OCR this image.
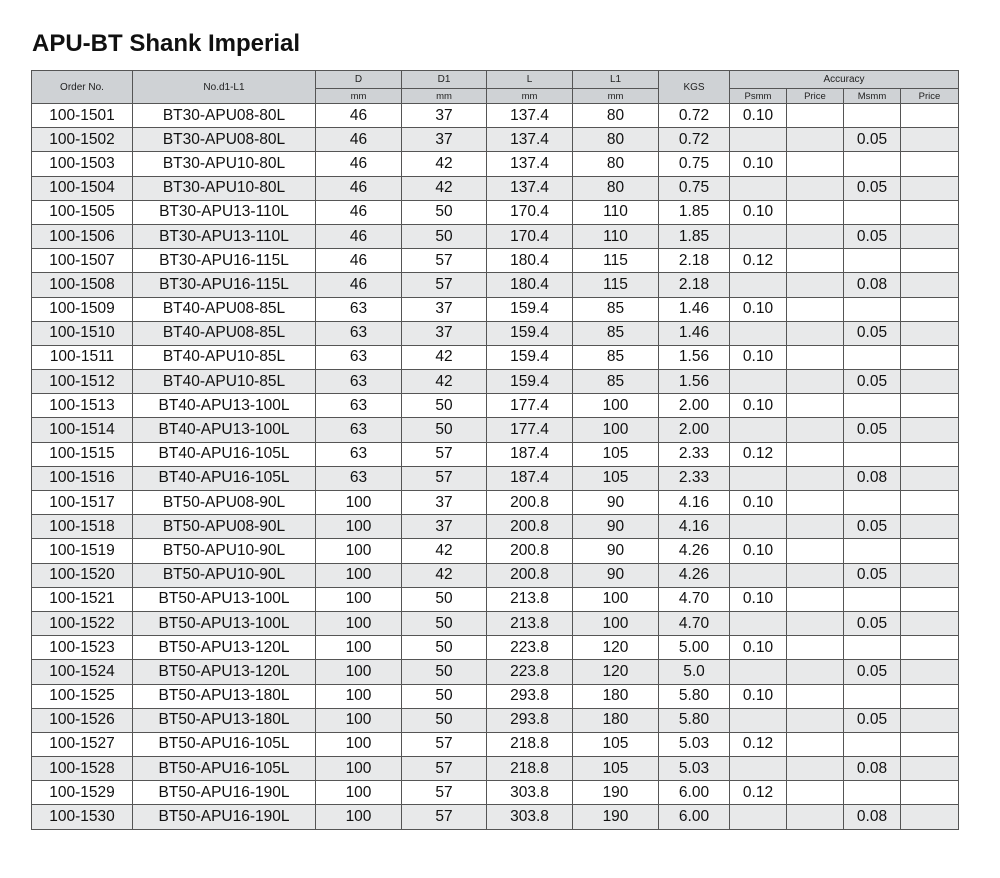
APU-BT Shank Imperial
Order No.	No.d1-L1	D	D1	L	L1	KGS	Accuracy			
		mm	mm	mm	mm		Psmm	Price	Msmm	Price
100-1501	BT30-APU08-80L	46	37	137.4	80	0.72	0.10			
100-1502	BT30-APU08-80L	46	37	137.4	80	0.72			0.05	
100-1503	BT30-APU10-80L	46	42	137.4	80	0.75	0.10			
100-1504	BT30-APU10-80L	46	42	137.4	80	0.75			0.05	
100-1505	BT30-APU13-110L	46	50	170.4	110	1.85	0.10			
100-1506	BT30-APU13-110L	46	50	170.4	110	1.85			0.05	
100-1507	BT30-APU16-115L	46	57	180.4	115	2.18	0.12			
100-1508	BT30-APU16-115L	46	57	180.4	115	2.18			0.08	
100-1509	BT40-APU08-85L	63	37	159.4	85	1.46	0.10			
100-1510	BT40-APU08-85L	63	37	159.4	85	1.46			0.05	
100-1511	BT40-APU10-85L	63	42	159.4	85	1.56	0.10			
100-1512	BT40-APU10-85L	63	42	159.4	85	1.56			0.05	
100-1513	BT40-APU13-100L	63	50	177.4	100	2.00	0.10			
100-1514	BT40-APU13-100L	63	50	177.4	100	2.00			0.05	
100-1515	BT40-APU16-105L	63	57	187.4	105	2.33	0.12			
100-1516	BT40-APU16-105L	63	57	187.4	105	2.33			0.08	
100-1517	BT50-APU08-90L	100	37	200.8	90	4.16	0.10			
100-1518	BT50-APU08-90L	100	37	200.8	90	4.16			0.05	
100-1519	BT50-APU10-90L	100	42	200.8	90	4.26	0.10			
100-1520	BT50-APU10-90L	100	42	200.8	90	4.26			0.05	
100-1521	BT50-APU13-100L	100	50	213.8	100	4.70	0.10			
100-1522	BT50-APU13-100L	100	50	213.8	100	4.70			0.05	
100-1523	BT50-APU13-120L	100	50	223.8	120	5.00	0.10			
100-1524	BT50-APU13-120L	100	50	223.8	120	5.0			0.05	
100-1525	BT50-APU13-180L	100	50	293.8	180	5.80	0.10			
100-1526	BT50-APU13-180L	100	50	293.8	180	5.80			0.05	
100-1527	BT50-APU16-105L	100	57	218.8	105	5.03	0.12			
100-1528	BT50-APU16-105L	100	57	218.8	105	5.03			0.08	
100-1529	BT50-APU16-190L	100	57	303.8	190	6.00	0.12			
100-1530	BT50-APU16-190L	100	57	303.8	190	6.00			0.08	
